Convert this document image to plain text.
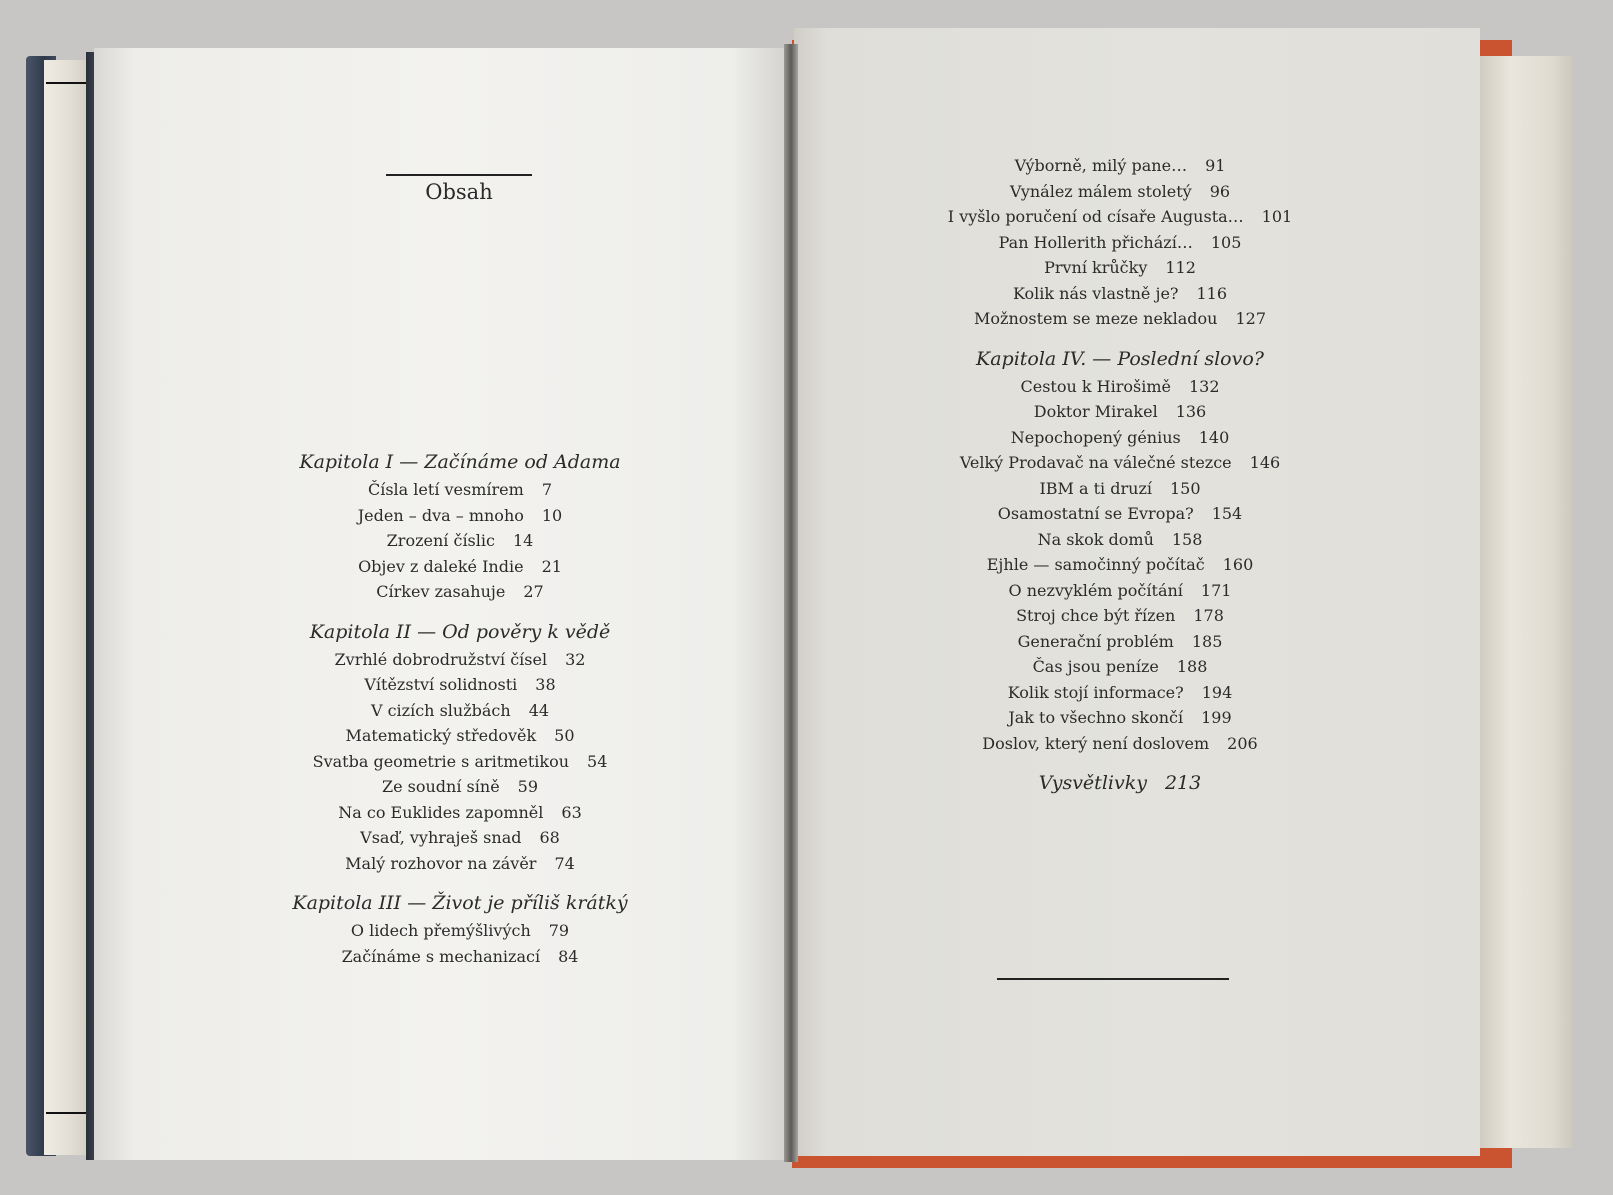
Obsah

Kapitola I — Začínáme od Adama

Čísla letí vesmírem 7

Jeden – dva – mnoho 10

Zrození číslic 14

Objev z daleké Indie 21

Církev zasahuje 27

Kapitola II — Od pověry k vědě

Zvrhlé dobrodružství čísel 32

Vítězství solidnosti 38

V cizích službách 44

Matematický středověk 50

Svatba geometrie s aritmetikou 54

Ze soudní síně 59

Na co Euklides zapomněl 63

Vsaď, vyhraješ snad 68

Malý rozhovor na závěr 74

Kapitola III — Život je příliš krátký

O lidech přemýšlivých 79

Začínáme s mechanizací 84

Výborně, milý pane… 91

Vynález málem stoletý 96

I vyšlo poručení od císaře Augusta… 101

Pan Hollerith přichází… 105

První krůčky 112

Kolik nás vlastně je? 116

Možnostem se meze nekladou 127

Kapitola IV. — Poslední slovo?

Cestou k Hirošimě 132

Doktor Mirakel 136

Nepochopený génius 140

Velký Prodavač na válečné stezce 146

IBM a ti druzí 150

Osamostatní se Evropa? 154

Na skok domů 158

Ejhle — samočinný počítač 160

O nezvyklém počítání 171

Stroj chce být řízen 178

Generační problém 185

Čas jsou peníze 188

Kolik stojí informace? 194

Jak to všechno skončí 199

Doslov, který není doslovem 206

Vysvětlivky 213
